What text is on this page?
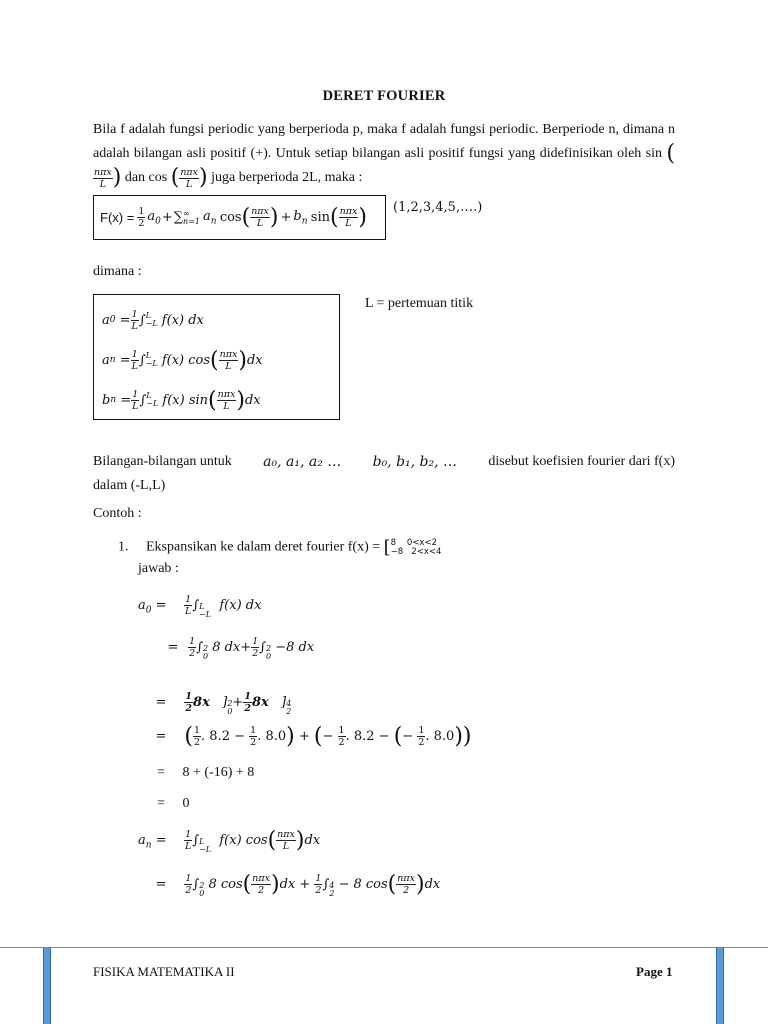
DERET FOURIER
Bila f adalah fungsi periodic yang berperioda p, maka f adalah fungsi periodic. Berperiode n, dimana n adalah bilangan asli positif (+). Untuk setiap bilangan asli positif fungsi yang didefinisikan oleh sin (
$\frac{\text{nπx}}{L}$ ) dan cos ( $\frac{\text{nπx}}{L}$ ) juga berperioda 2L, maka :
$F(x) = \frac{1}{2} a_0$ + ∑ ∞
n=1 $a_n$
cos ( $\frac{\text{nπx}}{L}$ ) + $b_n$
sin ( $\frac{\text{nπx}}{L}$ ) (1,2,3,4,5,….)
dimana :
a $0 = \frac{1}{L}$ ∫ L
−L
f(x) dx
a $n = \frac{1}{L}$ ∫ L
−L
f(x) cos ( $\frac{\text{nπx}}{L}$ ) dx
b $n = \frac{1}{L}$ ∫ L
−L
f(x) sin ( $\frac{\text{nπx}}{L}$ ) dx
L = pertemuan titik
Bilangan-bilangan untuk a₀, a₁, a₂ … b₀, b₁, b₂, … disebut koefisien fourier dari f(x)
dalam (-L,L)
Contoh :
1. Ekspansikan ke dalam deret fourier f(x) = [8 0<x<2
−8 2<x<4
jawab :
$a_0 = \frac{1}{L}$ ∫ L
−L
f(x) dx
= $\frac{1}{2}$ ∫ 2
0
8 $dx+ \frac{1}{2}$ ∫ 2
0
−8 dx
= $\frac{1}{2} 8x$ ] 2
0
+ $\frac{1}{2} 8x$ ] 4
2
= ( $\frac{1}{2}$ . $8.2 - \frac{1}{2}$ . 8.0) + (− $\frac{1}{2}$ . 8.2 − (− $\frac{1}{2}$ . 8.0))
= 8 + (-16) + 8
= 0
$a_n = \frac{1}{L}$ ∫ L
−L
f(x) $\cos( \frac{\text{nπx}}{L} )dx$
= $\frac{1}{2}$ ∫ 2
0
8 $\cos( \frac{\text{nπx}}{2} )dx + \frac{1}{2}$ ∫ 4
2
− 8 $\cos( \frac{\text{nπx}}{2} )dx$
FISIKA MATEMATIKA II	Page 1
